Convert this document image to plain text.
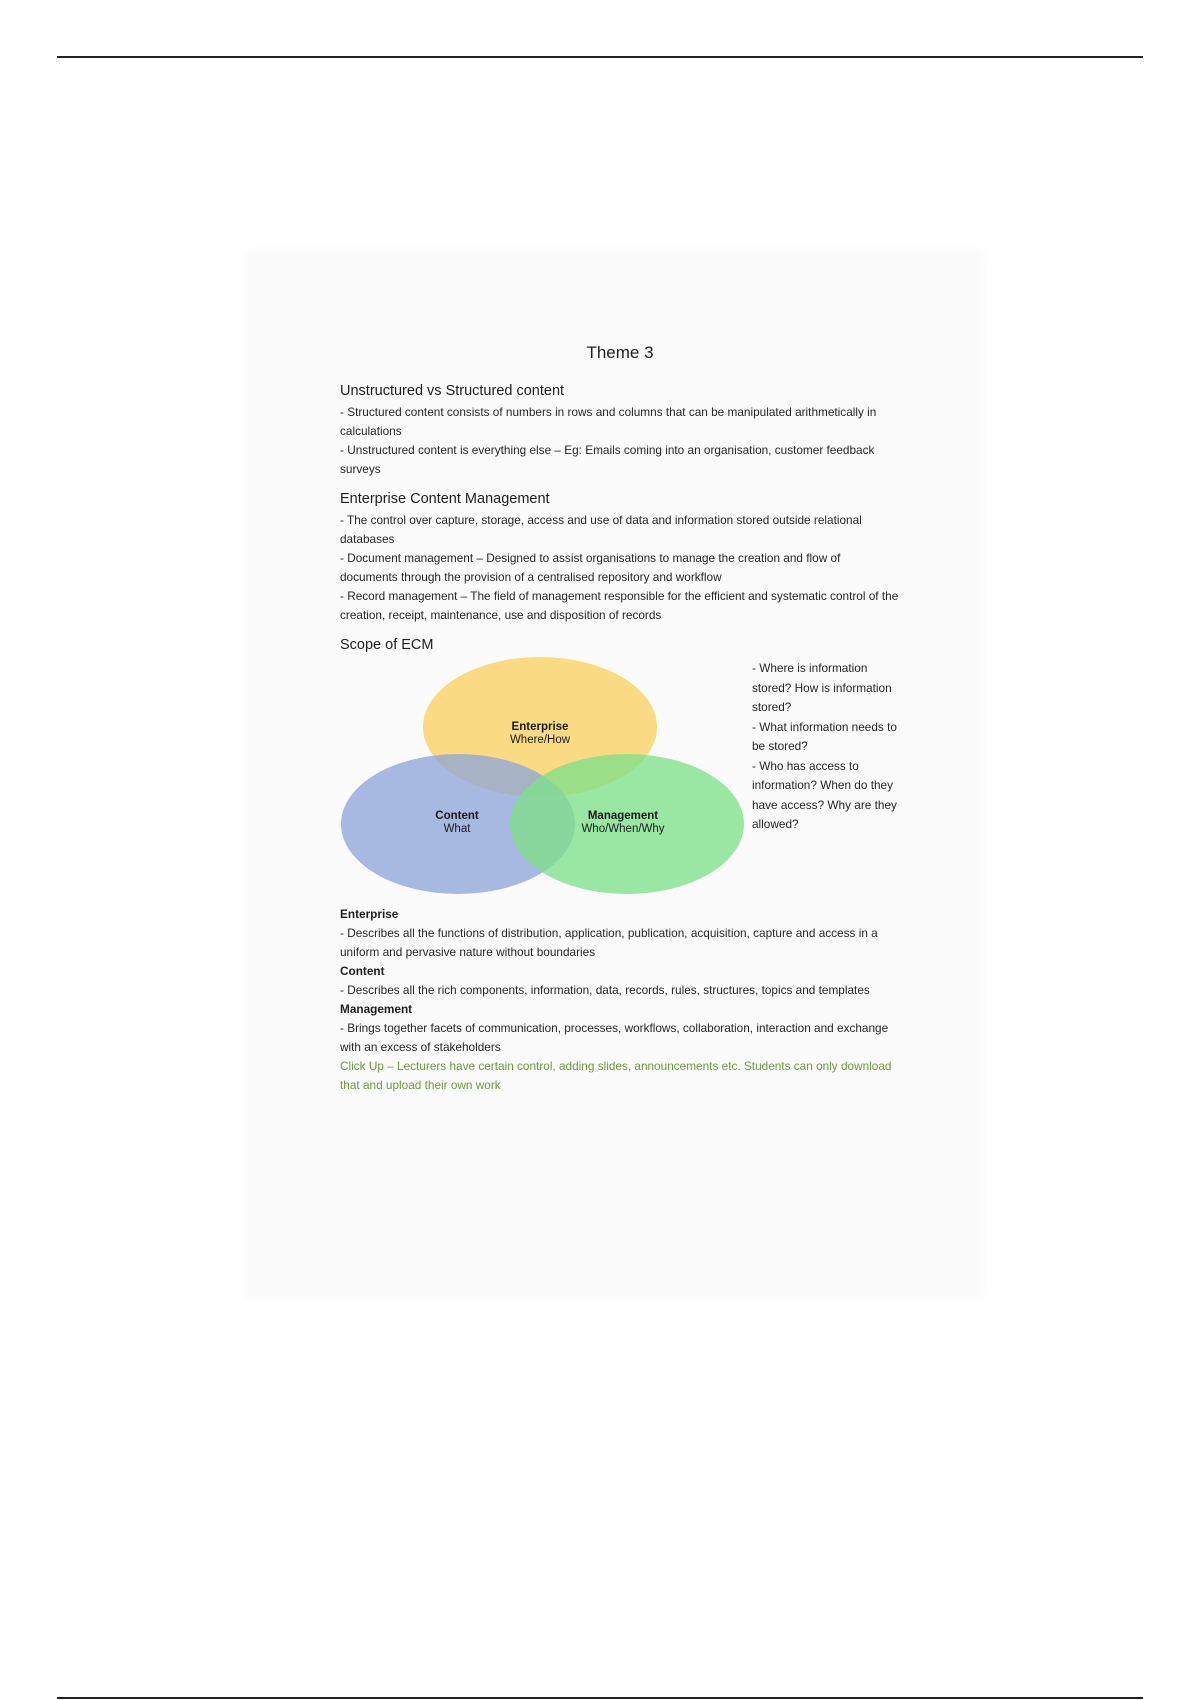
Theme 3
Unstructured vs Structured content

- Structured content consists of numbers in rows and columns that can be manipulated arithmetically in calculations

- Unstructured content is everything else – Eg: Emails coming into an organisation, customer feedback surveys

Enterprise Content Management

- The control over capture, storage, access and use of data and information stored outside relational databases

- Document management – Designed to assist organisations to manage the creation and flow of documents through the provision of a centralised repository and workflow

- Record management – The field of management responsible for the efficient and systematic control of the creation, receipt, maintenance, use and disposition of records

Scope of ECM
Enterprise
Where/How
Content
What
Management
Who/When/Why
- Where is information stored? How is information stored?
- What information needs to be stored?
- Who has access to information? When do they have access? Why are they allowed?
Enterprise

- Describes all the functions of distribution, application, publication, acquisition, capture and access in a uniform and pervasive nature without boundaries

Content

- Describes all the rich components, information, data, records, rules, structures, topics and templates

Management

- Brings together facets of communication, processes, workflows, collaboration, interaction and exchange with an excess of stakeholders

Click Up – Lecturers have certain control, adding slides, announcements etc. Students can only download that and upload their own work
